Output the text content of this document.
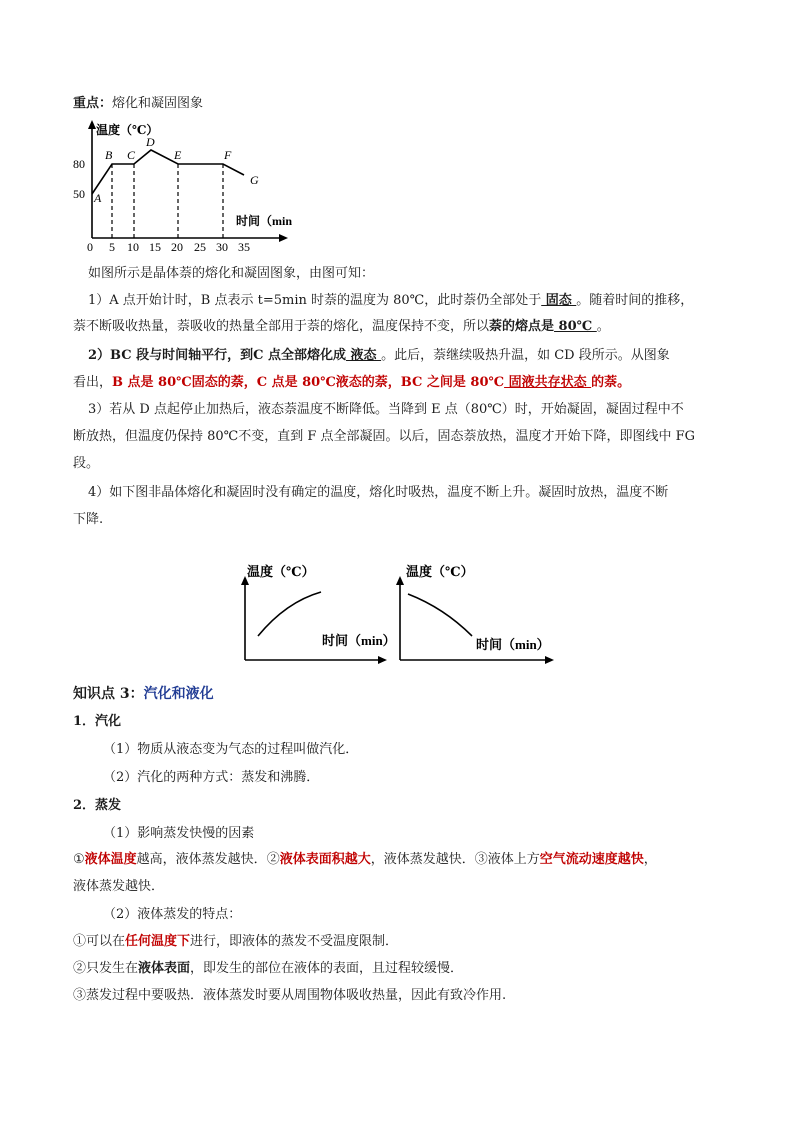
重点：熔化和凝固图象
温度（℃）
80
50 A
B C
D
E	F
G
时间（min
0 5 10 15 20 25 30 35
如图所示是晶体萘的熔化和凝固图象，由图可知：
1）A 点开始计时，B 点表示 t=5min 时萘的温度为 80℃，此时萘仍全部处于 固态 。随着时间的推移，
萘不断吸收热量，萘吸收的热量全部用于萘的熔化，温度保持不变，所以萘的熔点是 80℃ 。
2）BC 段与时间轴平行，到C 点全部熔化成 液态 。此后，萘继续吸热升温，如 CD 段所示。从图象
看出，B 点是 80℃固态的萘，C 点是 80℃液态的萘，BC 之间是 80℃ 固液共存状态 的萘。
3）若从 D 点起停止加热后，液态萘温度不断降低。当降到 E 点（80℃）时，开始凝固，凝固过程中不
断放热，但温度仍保持 80℃不变，直到 F 点全部凝固。以后，固态萘放热，温度才开始下降，即图线中 FG
段。
4）如下图非晶体熔化和凝固时没有确定的温度，熔化时吸热，温度不断上升。凝固时放热，温度不断
下降.
温度（℃）
时间（min）
温度（℃）
时间（min）
知识点 3：汽化和液化
1．汽化
（1）物质从液态变为气态的过程叫做汽化．
（2）汽化的两种方式：蒸发和沸腾．
2．蒸发
（1）影响蒸发快慢的因素
①液体温度越高，液体蒸发越快．②液体表面积越大，液体蒸发越快．③液体上方空气流动速度越快，
液体蒸发越快．
（2）液体蒸发的特点：
①可以在任何温度下进行，即液体的蒸发不受温度限制．
②只发生在液体表面，即发生的部位在液体的表面，且过程较缓慢．
③蒸发过程中要吸热．液体蒸发时要从周围物体吸收热量，因此有致冷作用.
